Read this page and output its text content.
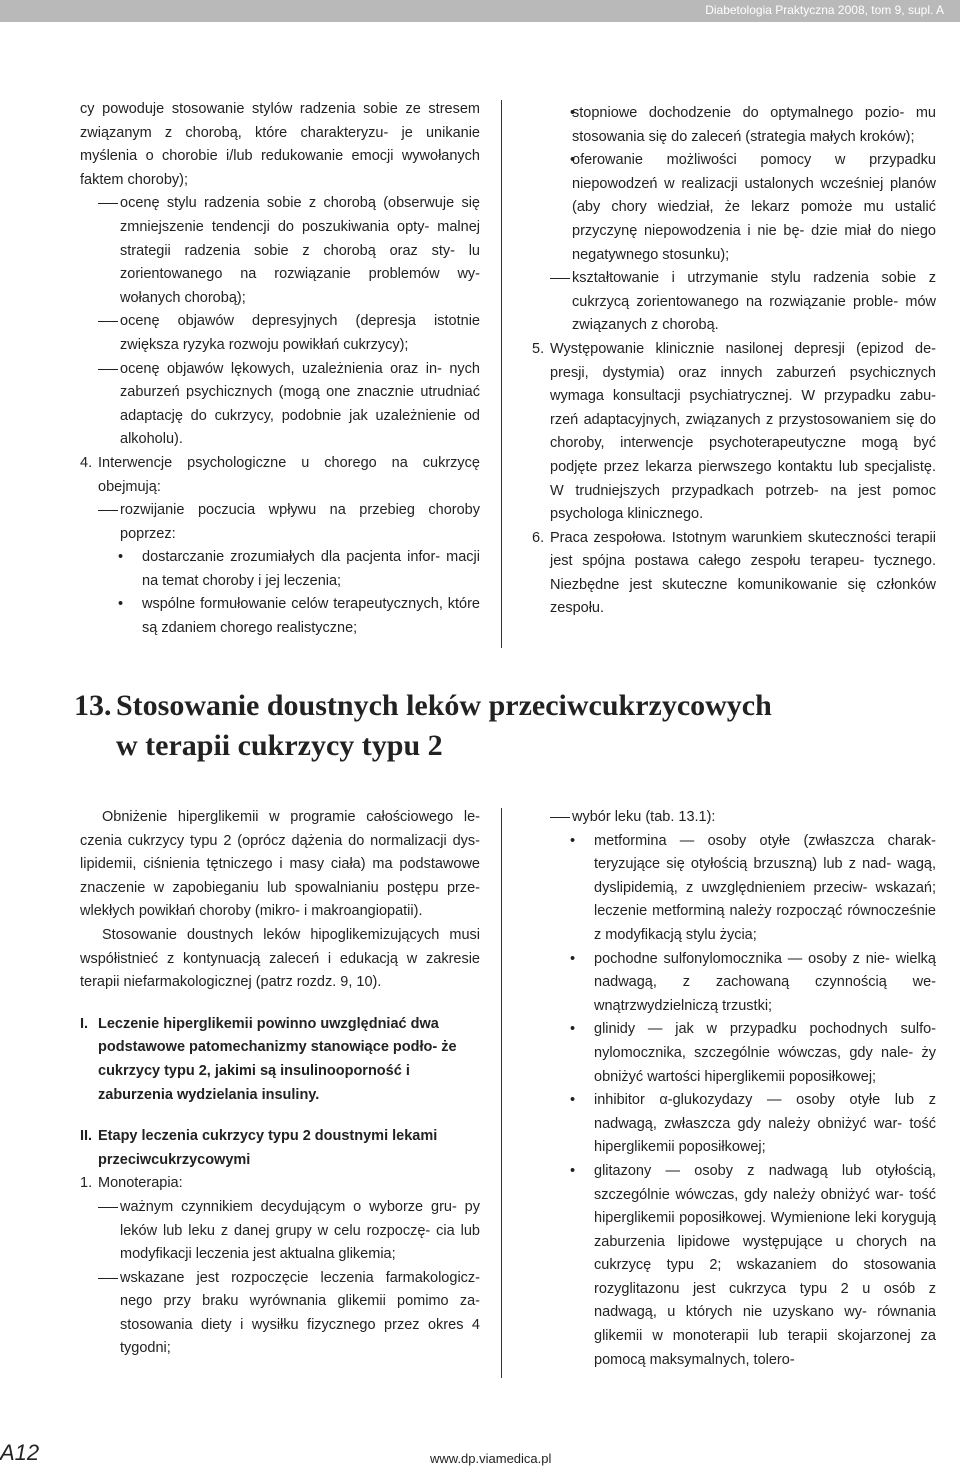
Diabetologia Praktyczna 2008, tom 9, supl. A

cy powoduje stosowanie stylów radzenia sobie ze stresem związanym z chorobą, które charakteryzu- je unikanie myślenia o chorobie i/lub redukowanie emocji wywołanych faktem choroby);

ocenę stylu radzenia sobie z chorobą (obserwuje się zmniejszenie tendencji do poszukiwania opty- malnej strategii radzenia sobie z chorobą oraz sty- lu zorientowanego na rozwiązanie problemów wy- wołanych chorobą);

ocenę objawów depresyjnych (depresja istotnie zwiększa ryzyka rozwoju powikłań cukrzycy);

ocenę objawów lękowych, uzależnienia oraz in- nych zaburzeń psychicznych (mogą one znacznie utrudniać adaptację do cukrzycy, podobnie jak uzależnienie od alkoholu).

4. Interwencje psychologiczne u chorego na cukrzycę obejmują:

rozwijanie poczucia wpływu na przebieg choroby poprzez:

• dostarczanie zrozumiałych dla pacjenta infor- macji na temat choroby i jej leczenia;

• wspólne formułowanie celów terapeutycznych, które są zdaniem chorego realistyczne;

• stopniowe dochodzenie do optymalnego pozio- mu stosowania się do zaleceń (strategia małych kroków);

• oferowanie możliwości pomocy w przypadku niepowodzeń w realizacji ustalonych wcześniej planów (aby chory wiedział, że lekarz pomoże mu ustalić przyczynę niepowodzenia i nie bę- dzie miał do niego negatywnego stosunku);

kształtowanie i utrzymanie stylu radzenia sobie z cukrzycą zorientowanego na rozwiązanie proble- mów związanych z chorobą.

5. Występowanie klinicznie nasilonej depresji (epizod de- presji, dystymia) oraz innych zaburzeń psychicznych wymaga konsultacji psychiatrycznej. W przypadku zabu- rzeń adaptacyjnych, związanych z przystosowaniem się do choroby, interwencje psychoterapeutyczne mogą być podjęte przez lekarza pierwszego kontaktu lub specjalistę. W trudniejszych przypadkach potrzeb- na jest pomoc psychologa klinicznego.

6. Praca zespołowa. Istotnym warunkiem skuteczności terapii jest spójna postawa całego zespołu terapeu- tycznego. Niezbędne jest skuteczne komunikowanie się członków zespołu.

13. Stosowanie doustnych leków przeciwcukrzycowych
w terapii cukrzycy typu 2

Obniżenie hiperglikemii w programie całościowego le- czenia cukrzycy typu 2 (oprócz dążenia do normalizacji dys- lipidemii, ciśnienia tętniczego i masy ciała) ma podstawowe znaczenie w zapobieganiu lub spowalnianiu postępu prze- wlekłych powikłań choroby (mikro- i makroangiopatii).

Stosowanie doustnych leków hipoglikemizujących musi współistnieć z kontynuacją zaleceń i edukacją w zakresie terapii niefarmakologicznej (patrz rozdz. 9, 10).

I. Leczenie hiperglikemii powinno uwzględniać dwa podstawowe patomechanizmy stanowiące podło- że cukrzycy typu 2, jakimi są insulinooporność i zaburzenia wydzielania insuliny.

II. Etapy leczenia cukrzycy typu 2 doustnymi lekami przeciwcukrzycowymi

1. Monoterapia:

ważnym czynnikiem decydującym o wyborze gru- py leków lub leku z danej grupy w celu rozpoczę- cia lub modyfikacji leczenia jest aktualna glikemia;

wskazane jest rozpoczęcie leczenia farmakologicz- nego przy braku wyrównania glikemii pomimo za- stosowania diety i wysiłku fizycznego przez okres 4 tygodni;

wybór leku (tab. 13.1):

• metformina — osoby otyłe (zwłaszcza charak- teryzujące się otyłością brzuszną) lub z nad- wagą, dyslipidemią, z uwzględnieniem przeciw- wskazań; leczenie metforminą należy rozpocząć równocześnie z modyfikacją stylu życia;

• pochodne sulfonylomocznika — osoby z nie- wielką nadwagą, z zachowaną czynnością we- wnątrzwydzielniczą trzustki;

• glinidy — jak w przypadku pochodnych sulfo- nylomocznika, szczególnie wówczas, gdy nale- ży obniżyć wartości hiperglikemii poposiłkowej;

• inhibitor α-glukozydazy — osoby otyłe lub z nadwagą, zwłaszcza gdy należy obniżyć war- tość hiperglikemii poposiłkowej;

• glitazony — osoby z nadwagą lub otyłością, szczególnie wówczas, gdy należy obniżyć war- tość hiperglikemii poposiłkowej. Wymienione leki korygują zaburzenia lipidowe występujące u chorych na cukrzycę typu 2; wskazaniem do stosowania rozyglitazonu jest cukrzyca typu 2 u osób z nadwagą, u których nie uzyskano wy- równania glikemii w monoterapii lub terapii skojarzonej za pomocą maksymalnych, tolero-

A12	www.dp.viamedica.pl
